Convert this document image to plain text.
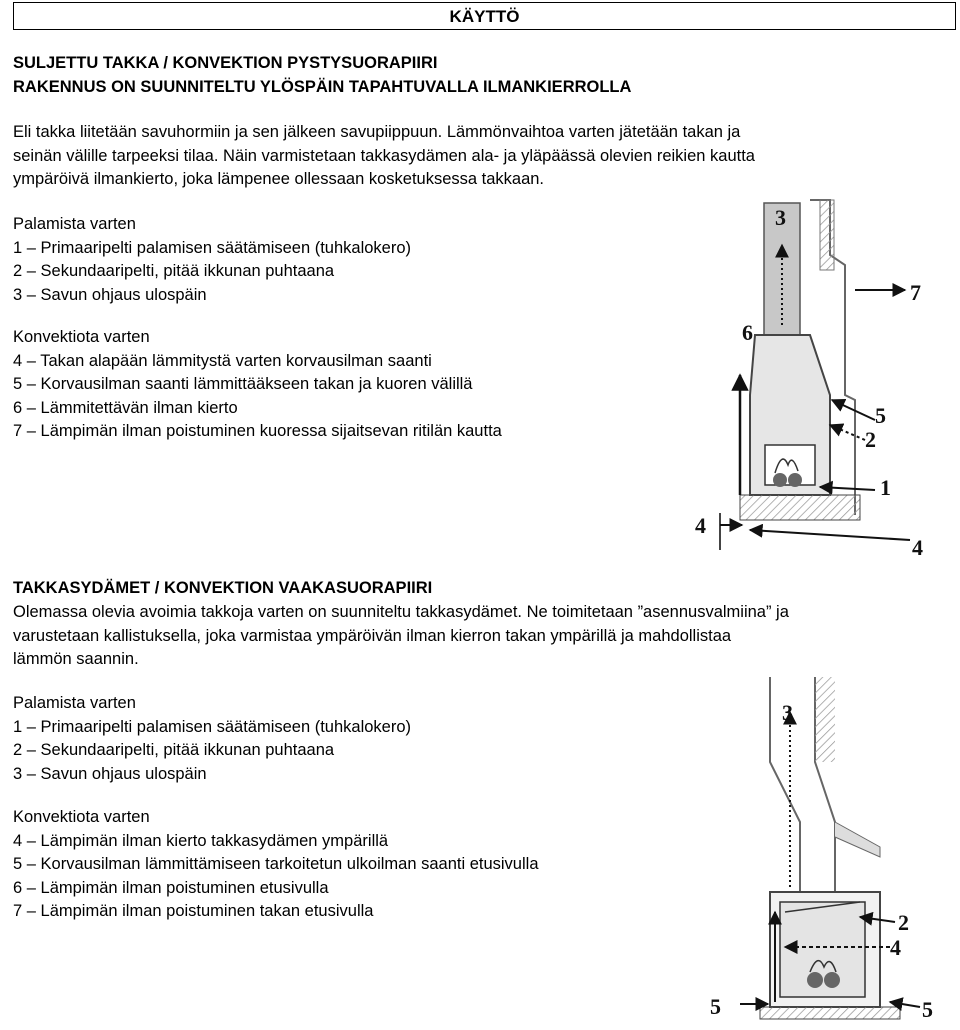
KÄYTTÖ
SULJETTU TAKKA / KONVEKTION PYSTYSUORAPIIRI
RAKENNUS ON SUUNNITELTU YLÖSPÄIN TAPAHTUVALLA ILMANKIERROLLA
Eli takka liitetään savuhormiin ja sen jälkeen savupiippuun. Lämmönvaihtoa varten jätetään takan ja
seinän välille tarpeeksi tilaa. Näin varmistetaan takkasydämen ala- ja yläpäässä olevien reikien kautta
ympäröivä ilmankierto, joka lämpenee ollessaan kosketuksessa takkaan.
Palamista varten
1 – Primaaripelti palamisen säätämiseen (tuhkalokero)
2 – Sekundaaripelti, pitää ikkunan puhtaana
3 – Savun ohjaus ulospäin
Konvektiota varten
4 – Takan alapään lämmitystä varten korvausilman saanti
5 – Korvausilman saanti lämmittääkseen takan ja kuoren välillä
6 – Lämmitettävän ilman kierto
7 – Lämpimän ilman poistuminen kuoressa sijaitsevan ritilän kautta
3
7
6
5
2
1
4
4
TAKKASYDÄMET / KONVEKTION VAAKASUORAPIIRI
Olemassa olevia avoimia takkoja varten on suunniteltu takkasydämet. Ne toimitetaan ”asennusvalmiina” ja
varustetaan kallistuksella, joka varmistaa ympäröivän ilman kierron takan ympärillä ja mahdollistaa
lämmön saannin.
Palamista varten
1 – Primaaripelti palamisen säätämiseen (tuhkalokero)
2 – Sekundaaripelti, pitää ikkunan puhtaana
3 – Savun ohjaus ulospäin
Konvektiota varten
4 – Lämpimän ilman kierto takkasydämen ympärillä
5 – Korvausilman lämmittämiseen tarkoitetun ulkoilman saanti etusivulla
6 – Lämpimän ilman poistuminen etusivulla
7 – Lämpimän ilman poistuminen takan etusivulla
3
2
4
5	5
